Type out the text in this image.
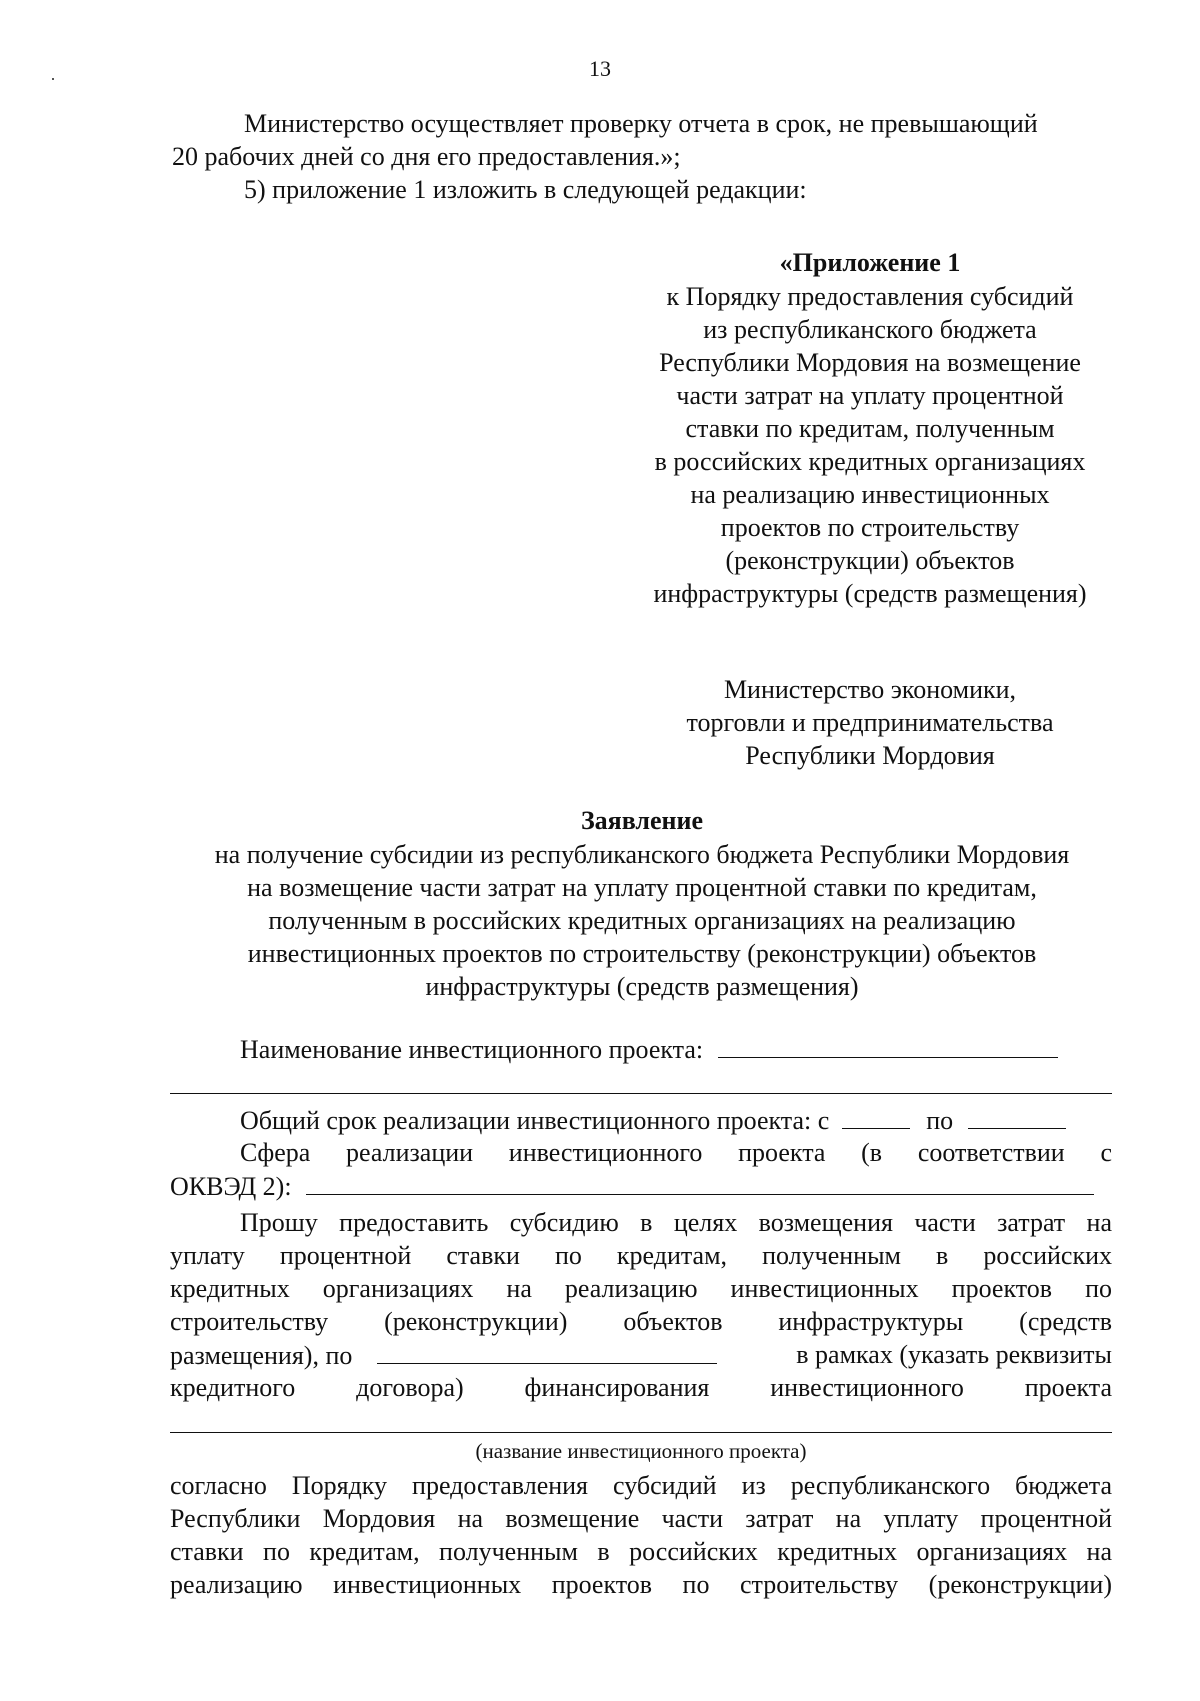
13
Министерство осуществляет проверку отчета в срок, не превышающий
20 рабочих дней со дня его предоставления.»;
5) приложение 1 изложить в следующей редакции:
«Приложение 1
к Порядку предоставления субсидий
из республиканского бюджета
Республики Мордовия на возмещение
части затрат на уплату процентной
ставки по кредитам, полученным
в российских кредитных организациях
на реализацию инвестиционных
проектов по строительству
(реконструкции) объектов
инфраструктуры (средств размещения)
Министерство экономики,
торговли и предпринимательства
Республики Мордовия
Заявление
на получение субсидии из республиканского бюджета Республики Мордовия
на возмещение части затрат на уплату процентной ставки по кредитам,
полученным в российских кредитных организациях на реализацию
инвестиционных проектов по строительству (реконструкции) объектов
инфраструктуры (средств размещения)
Наименование инвестиционного проекта:
Общий срок реализации инвестиционного проекта: с	по
Сфера реализации инвестиционного проекта (в соответствии с
ОКВЭД 2):
Прошу предоставить субсидию в целях возмещения части затрат на
уплату процентной ставки по кредитам, полученным в российских
кредитных организациях на реализацию инвестиционных проектов по
строительству (реконструкции) объектов инфраструктуры (средств
размещения), по	в рамках (указать реквизиты
кредитного договора) финансирования инвестиционного проекта
(название инвестиционного проекта)
согласно Порядку предоставления субсидий из республиканского бюджета
Республики Мордовия на возмещение части затрат на уплату процентной
ставки по кредитам, полученным в российских кредитных организациях на
реализацию инвестиционных проектов по строительству (реконструкции)
